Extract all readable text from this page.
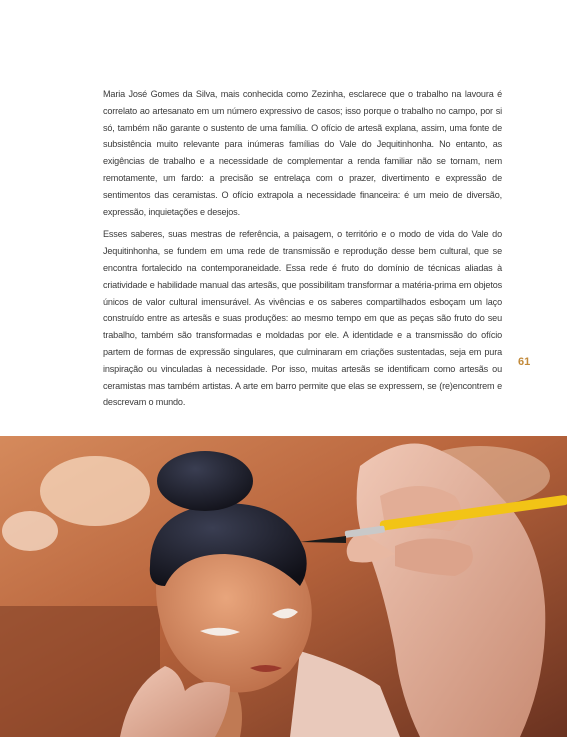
Maria José Gomes da Silva, mais conhecida como Zezinha, esclarece que o trabalho na lavoura é correlato ao artesanato em um número expressivo de casos; isso porque o trabalho no campo, por si só, também não garante o sustento de uma família. O ofício de artesã explana, assim, uma fonte de subsistência muito relevante para inúmeras famílias do Vale do Jequitinhonha. No entanto, as exigências de trabalho e a necessidade de complementar a renda familiar não se tornam, nem remotamente, um fardo: a precisão se entrelaça com o prazer, divertimento e expressão de sentimentos das ceramistas. O ofício extrapola a necessidade financeira: é um meio de diversão, expressão, inquietações e desejos.

Esses saberes, suas mestras de referência, a paisagem, o território e o modo de vida do Vale do Jequitinhonha, se fundem em uma rede de transmissão e reprodução desse bem cultural, que se encontra fortalecido na contemporaneidade. Essa rede é fruto do domínio de técnicas aliadas à criatividade e habilidade manual das artesãs, que possibilitam transformar a matéria-prima em objetos únicos de valor cultural imensurável. As vivências e os saberes compartilhados esboçam um laço construído entre as artesãs e suas produções: ao mesmo tempo em que as peças são fruto do seu trabalho, também são transformadas e moldadas por ele. A identidade e a transmissão do ofício partem de formas de expressão singulares, que culminaram em criações sustentadas, seja em pura inspiração ou vinculadas à necessidade. Por isso, muitas artesãs se identificam como artesãs ou ceramistas mas também artistas. A arte em barro permite que elas se expressem, se (re)encontrem e descrevam o mundo.

61
